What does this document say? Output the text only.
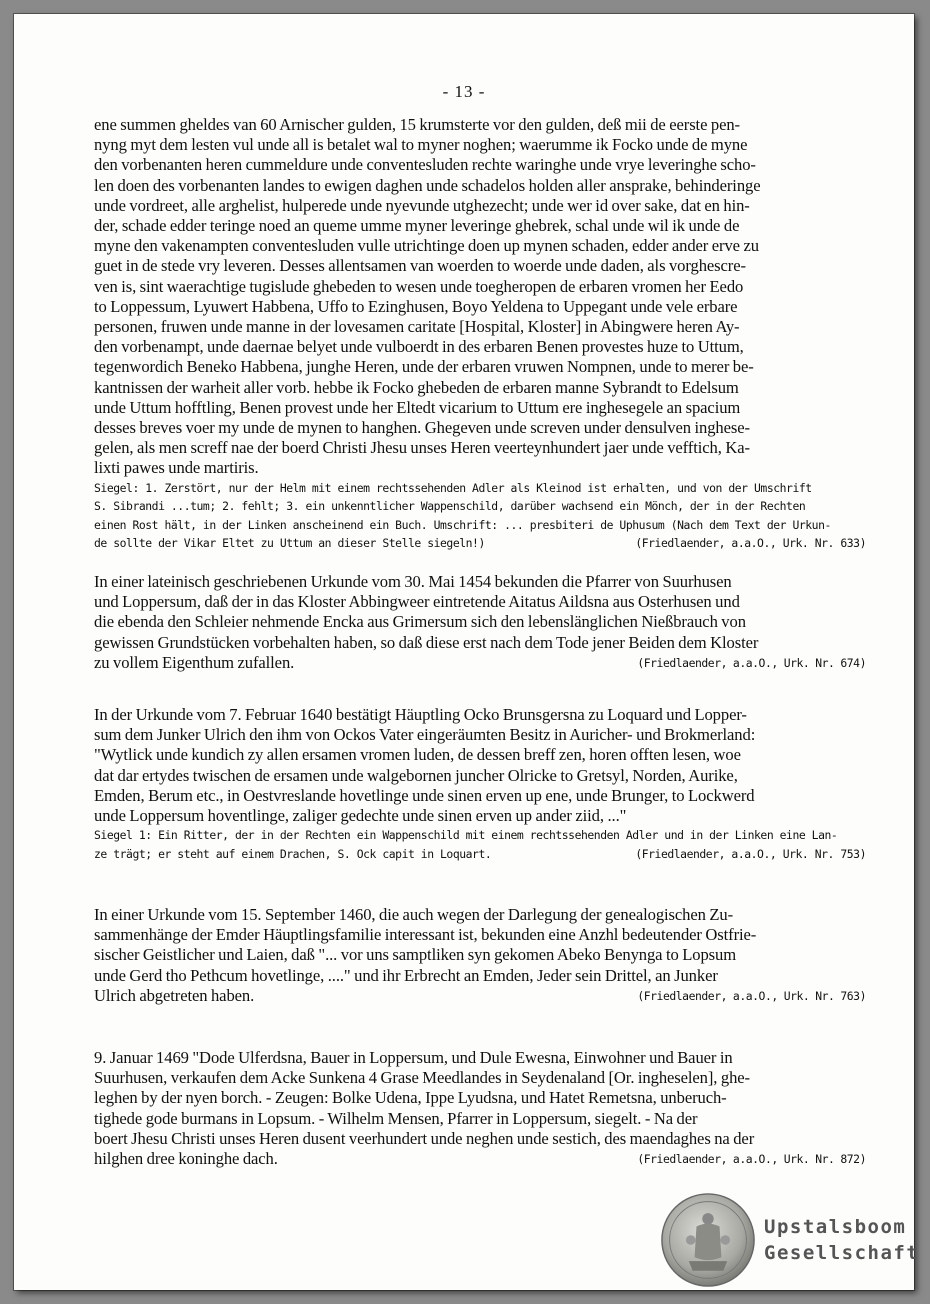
- 13 -

ene summen gheldes van 60 Arnischer gulden, 15 krumsterte vor den gulden, deß mii de eerste pen-
nyng myt dem lesten vul unde all is betalet wal to myner noghen; waerumme ik Focko unde de myne
den vorbenanten heren cummeldure unde conventesluden rechte waringhe unde vrye leveringhe scho-
len doen des vorbenanten landes to ewigen daghen unde schadelos holden aller ansprake, behinderinge
unde vordreet, alle arghelist, hulperede unde nyevunde utghezecht; unde wer id over sake, dat en hin-
der, schade edder teringe noed an queme umme myner leveringe ghebrek, schal unde wil ik unde de
myne den vakenampten conventesluden vulle utrichtinge doen up mynen schaden, edder ander erve zu
guet in de stede vry leveren. Desses allentsamen van woerden to woerde unde daden, als vorghescre-
ven is, sint waerachtige tugislude ghebeden to wesen unde toegheropen de erbaren vromen her Eedo
to Loppessum, Lyuwert Habbena, Uffo to Ezinghusen, Boyo Yeldena to Uppegant unde vele erbare
personen, fruwen unde manne in der lovesamen caritate [Hospital, Kloster] in Abingwere heren Ay-
den vorbenampt, unde daernae belyet unde vulboerdt in des erbaren Benen provestes huze to Uttum,
tegenwordich Beneko Habbena, junghe Heren, unde der erbaren vruwen Nompnen, unde to merer be-
kantnissen der warheit aller vorb. hebbe ik Focko ghebeden de erbaren manne Sybrandt to Edelsum
unde Uttum hofftling, Benen provest unde her Eltedt vicarium to Uttum ere inghesegele an spacium
desses breves voer my unde de mynen to hanghen. Ghegeven unde screven under densulven inghese-
gelen, als men screff nae der boerd Christi Jhesu unses Heren veerteynhundert jaer unde vefftich, Ka-
lixti pawes unde martiris.

Siegel: 1. Zerstört, nur der Helm mit einem rechtssehenden Adler als Kleinod ist erhalten, und von der Umschrift
S. Sibrandi ...tum; 2. fehlt; 3. ein unkenntlicher Wappenschild, darüber wachsend ein Mönch, der in der Rechten
einen Rost hält, in der Linken anscheinend ein Buch. Umschrift: ... presbiteri de Uphusum (Nach dem Text der Urkun-
de sollte der Vikar Eltet zu Uttum an dieser Stelle siegeln!)	(Friedlaender, a.a.O., Urk. Nr. 633)

In einer lateinisch geschriebenen Urkunde vom 30. Mai 1454 bekunden die Pfarrer von Suurhusen
und Loppersum, daß der in das Kloster Abbingweer eintretende Aitatus Aildsna aus Osterhusen und
die ebenda den Schleier nehmende Encka aus Grimersum sich den lebenslänglichen Nießbrauch von
gewissen Grundstücken vorbehalten haben, so daß diese erst nach dem Tode jener Beiden dem Kloster
zu vollem Eigenthum zufallen.	(Friedlaender, a.a.O., Urk. Nr. 674)

In der Urkunde vom 7. Februar 1640 bestätigt Häuptling Ocko Brunsgersna zu Loquard und Lopper-
sum dem Junker Ulrich den ihm von Ockos Vater eingeräumten Besitz in Auricher- und Brokmerland:
"Wytlick unde kundich zy allen ersamen vromen luden, de dessen breff zen, horen offten lesen, woe
dat dar ertydes twischen de ersamen unde walgebornen juncher Olricke to Gretsyl, Norden, Aurike,
Emden, Berum etc., in Oestvreslande hovetlinge unde sinen erven up ene, unde Brunger, to Lockwerd
unde Loppersum hoventlinge, zaliger gedechte unde sinen erven up ander ziid, ..."

Siegel 1: Ein Ritter, der in der Rechten ein Wappenschild mit einem rechtssehenden Adler und in der Linken eine Lan-
ze trägt; er steht auf einem Drachen, S. Ock capit in Loquart.	(Friedlaender, a.a.O., Urk. Nr. 753)

In einer Urkunde vom 15. September 1460, die auch wegen der Darlegung der genealogischen Zu-
sammenhänge der Emder Häuptlingsfamilie interessant ist, bekunden eine Anzhl bedeutender Ostfrie-
sischer Geistlicher und Laien, daß "... vor uns samptliken syn gekomen Abeko Benynga to Lopsum
unde Gerd tho Pethcum hovetlinge, ...." und ihr Erbrecht an Emden, Jeder sein Drittel, an Junker
Ulrich abgetreten haben.	(Friedlaender, a.a.O., Urk. Nr. 763)

9. Januar 1469 "Dode Ulferdsna, Bauer in Loppersum, und Dule Ewesna, Einwohner und Bauer in
Suurhusen, verkaufen dem Acke Sunkena 4 Grase Meedlandes in Seydenaland [Or. ingheselen], ghe-
leghen by der nyen borch. - Zeugen: Bolke Udena, Ippe Lyudsna, und Hatet Remetsna, unberuch-
tighede gode burmans in Lopsum. - Wilhelm Mensen, Pfarrer in Loppersum, siegelt. - Na der
boert Jhesu Christi unses Heren dusent veerhundert unde neghen unde sestich, des maendaghes na der
hilghen dree koninghe dach.	(Friedlaender, a.a.O., Urk. Nr. 872)

Upstalsboom
Gesellschaft
